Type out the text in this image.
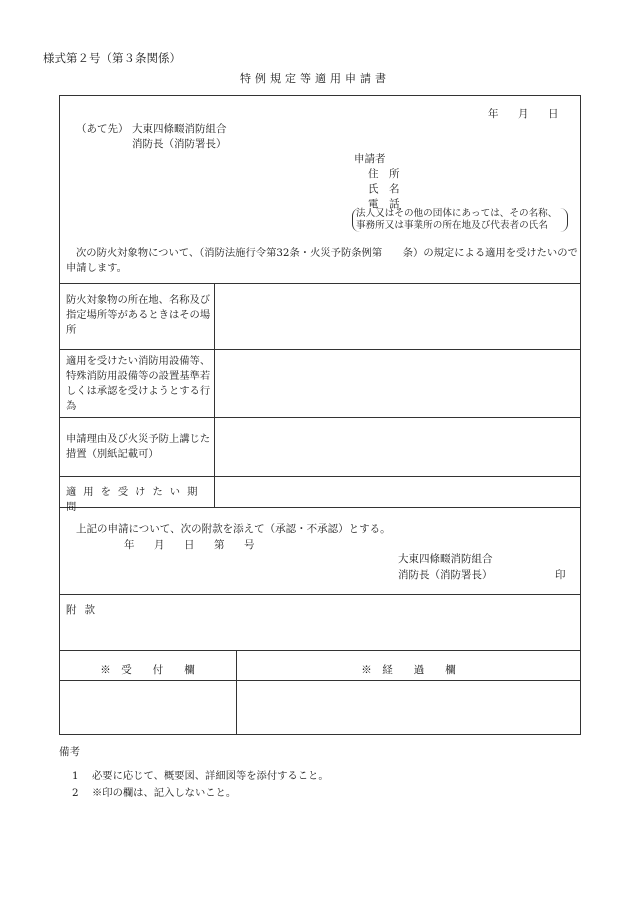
様式第２号（第３条関係）
特例規定等適用申請書
年 月 日
（あて先） 大東四條畷消防組合
消防長（消防署長）
申請者
住　所
氏　名
電　話
法人又はその他の団体にあっては、その名称、
事務所又は事業所の所在地及び代表者の氏名
次の防火対象物について、（消防法施行令第32条・火災予防条例第　　条）の規定による適用を受けたいので申請します。
防火対象物の所在地、名称及び指定場所等があるときはその場所
適用を受けたい消防用設備等、特殊消防用設備等の設置基準若しくは承認を受けようとする行為
申請理由及び火災予防上講じた措置（別紙記載可）
適用を受けたい期間
上記の申請について、次の附款を添えて（承認・不承認）とする。
年 月 日 第 号
大東四條畷消防組合
消防長（消防署長）	印
附款
※　受　　付　　欄	※　経　　過　　欄
備考
1 必要に応じて、概要図、詳細図等を添付すること。
2 ※印の欄は、記入しないこと。
